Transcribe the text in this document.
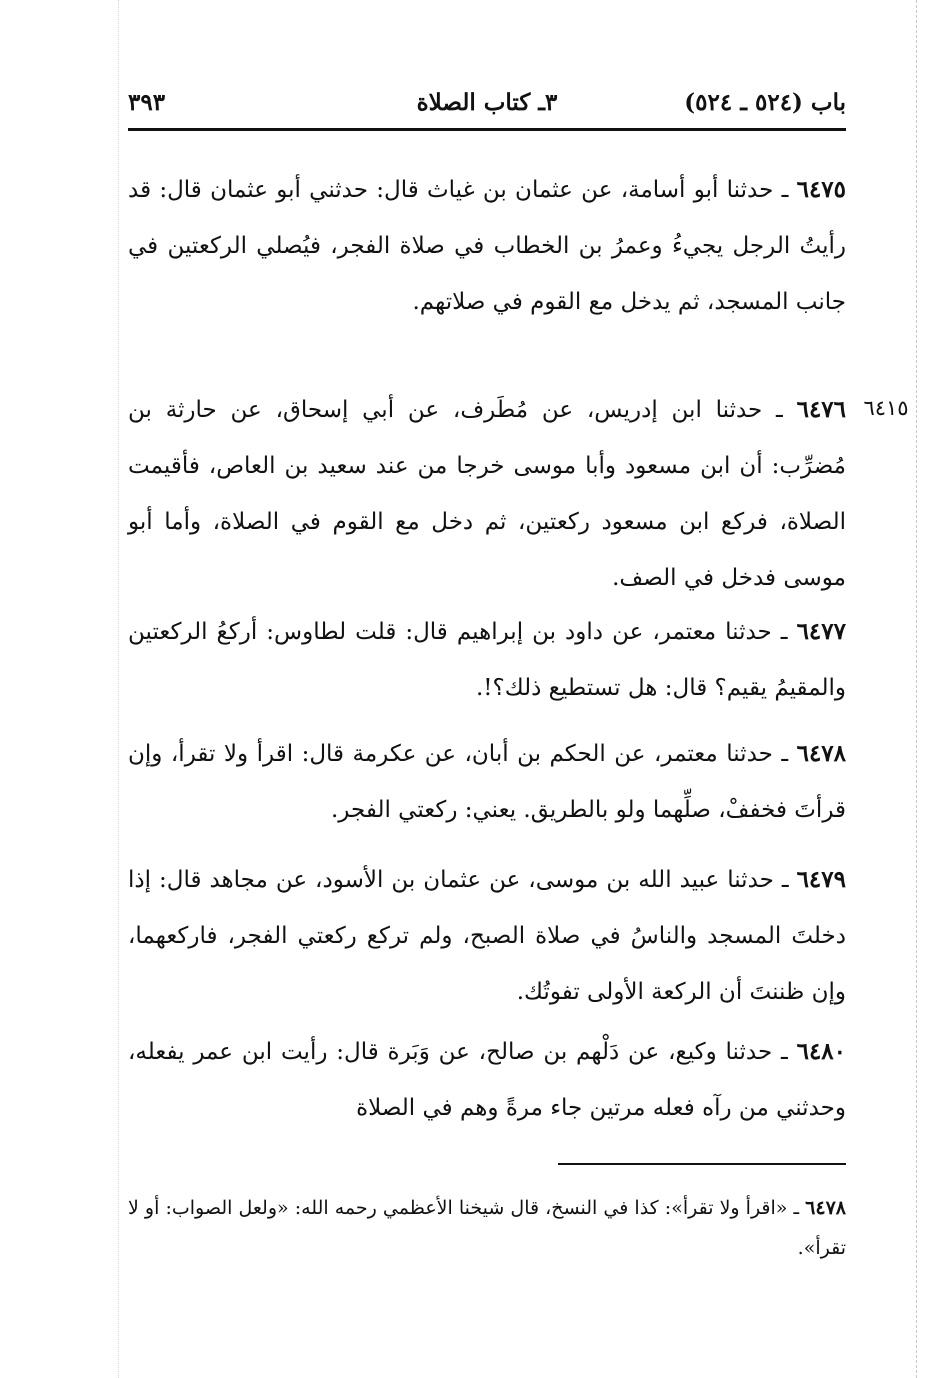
باب (٥٢٤ ـ ٥٢٤)
٣ـ كتاب الصلاة
٣٩٣
٦٤٧٥ ـ حدثنا أبو أسامة، عن عثمان بن غياث قال: حدثني أبو عثمان قال: قد رأيتُ الرجل يجيءُ وعمرُ بن الخطاب في صلاة الفجر، فيُصلي الركعتين في جانب المسجد، ثم يدخل مع القوم في صلاتهم.
٦٤١٥
٦٤٧٦ ـ حدثنا ابن إدريس، عن مُطَرف، عن أبي إسحاق، عن حارثة بن مُضرِّب: أن ابن مسعود وأبا موسى خرجا من عند سعيد بن العاص، فأقيمت الصلاة، فركع ابن مسعود ركعتين، ثم دخل مع القوم في الصلاة، وأما أبو موسى فدخل في الصف.
٦٤٧٧ ـ حدثنا معتمر، عن داود بن إبراهيم قال: قلت لطاوس: أركعُ الركعتين والمقيمُ يقيم؟ قال: هل تستطيع ذلك؟!.
٦٤٧٨ ـ حدثنا معتمر، عن الحكم بن أبان، عن عكرمة قال: اقرأ ولا تقرأ، وإن قرأتَ فخففْ، صلِّهما ولو بالطريق. يعني: ركعتي الفجر.
٦٤٧٩ ـ حدثنا عبيد الله بن موسى، عن عثمان بن الأسود، عن مجاهد قال: إذا دخلتَ المسجد والناسُ في صلاة الصبح، ولم تركع ركعتي الفجر، فاركعهما، وإن ظننتَ أن الركعة الأولى تفوتُك.
٦٤٨٠ ـ حدثنا وكيع، عن دَلْهم بن صالح، عن وَبَرة قال: رأيت ابن عمر يفعله، وحدثني من رآه فعله مرتين جاء مرةً وهم في الصلاة
٦٤٧٨ ـ «اقرأ ولا تقرأ»: كذا في النسخ، قال شيخنا الأعظمي رحمه الله: «ولعل الصواب: أو لا تقرأ».
